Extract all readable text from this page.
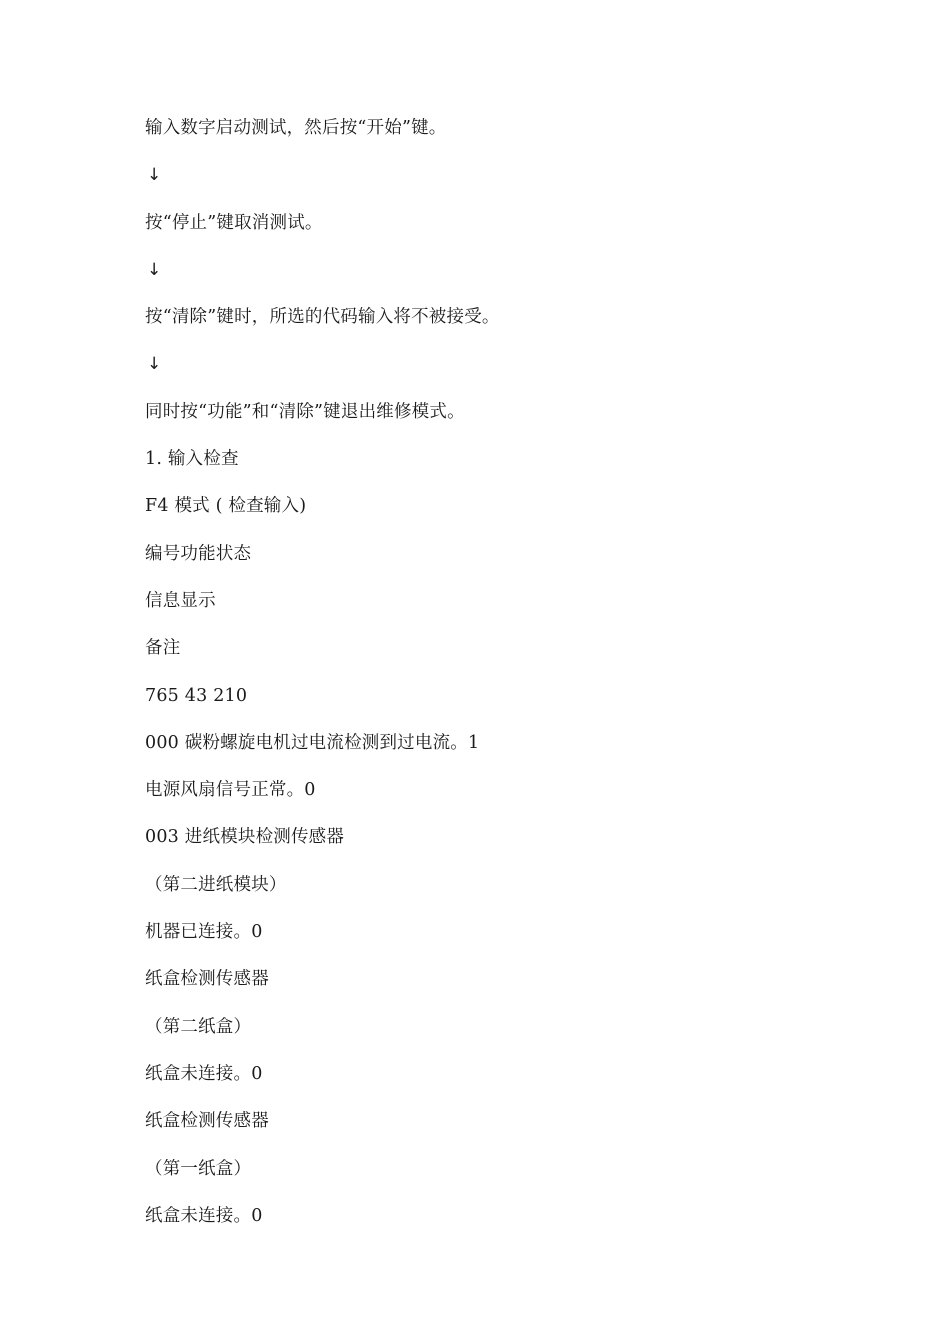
输入数字启动测试，然后按“开始”键。
↓
按“停止”键取消测试。
↓
按“清除”键时，所选的代码输入将不被接受。
↓
同时按“功能”和“清除”键退出维修模式。
1. 输入检查
F4 模式 ( 检查输入)
编号功能状态
信息显示
备注
765 43 210
000 碳粉螺旋电机过电流检测到过电流。1
电源风扇信号正常。0
003 进纸模块检测传感器
（第二进纸模块）
机器已连接。0
纸盒检测传感器
（第二纸盒）
纸盒未连接。0
纸盒检测传感器
（第一纸盒）
纸盒未连接。0
